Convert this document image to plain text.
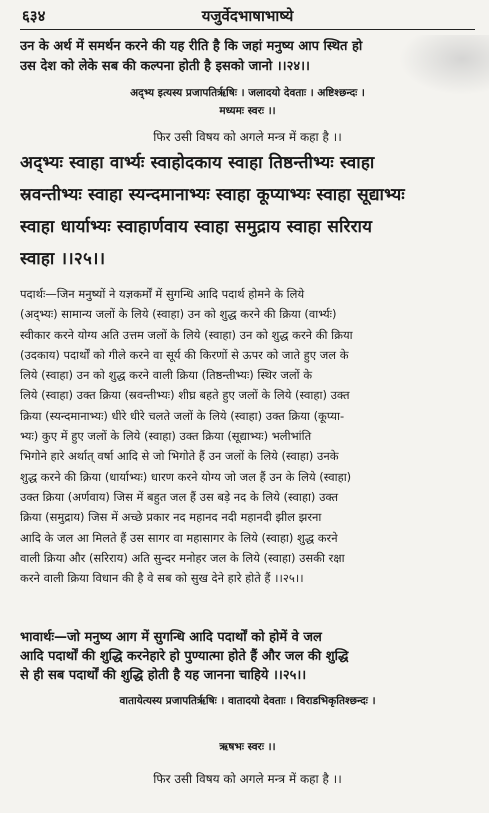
६३४	यजुर्वेदभाषाभाष्ये
उन के अर्थ में समर्थन करने की यह रीति है कि जहां मनुष्य आप स्थित हो
उस देश को लेके सब की कल्पना होती है इसको जानो ।।२४।।
अद्भ्य इत्यस्य प्रजापतिर्ऋषिः । जलादयो देवताः । अष्टिश्छन्दः ।
मध्यमः स्वरः ।।
फिर उसी विषय को अगले मन्त्र में कहा है ।।
अद्भ्यः स्वाहा वार्भ्यः स्वाहोदकाय स्वाहा तिष्ठन्तीभ्यः स्वाहा
स्रवन्तीभ्यः स्वाहा स्यन्दमानाभ्यः स्वाहा कूप्याभ्यः स्वाहा सूद्याभ्यः
स्वाहा धार्याभ्यः स्वाहार्णवाय स्वाहा समुद्राय स्वाहा सरिराय
स्वाहा ।।२५।।
पदार्थः—जिन मनुष्यों ने यज्ञकर्मों में सुगन्धि आदि पदार्थ होमने के लिये
(अद्भ्यः) सामान्य जलों के लिये (स्वाहा) उन को शुद्ध करने की क्रिया (वार्भ्यः)
स्वीकार करने योग्य अति उत्तम जलों के लिये (स्वाहा) उन को शुद्ध करने की क्रिया
(उदकाय) पदार्थों को गीले करने वा सूर्य की किरणों से ऊपर को जाते हुए जल के
लिये (स्वाहा) उन को शुद्ध करने वाली क्रिया (तिष्ठन्तीभ्यः) स्थिर जलों के
लिये (स्वाहा) उक्त क्रिया (स्रवन्तीभ्यः) शीघ्र बहते हुए जलों के लिये (स्वाहा) उक्त
क्रिया (स्यन्दमानाभ्यः) धीरे धीरे चलते जलों के लिये (स्वाहा) उक्त क्रिया (कूप्या-
भ्यः) कुए में हुए जलों के लिये (स्वाहा) उक्त क्रिया (सूद्याभ्यः) भलीभांति
भिगोने हारे अर्थात् वर्षा आदि से जो भिगोते हैं उन जलों के लिये (स्वाहा) उनके
शुद्ध करने की क्रिया (धार्याभ्यः) धारण करने योग्य जो जल हैं उन के लिये (स्वाहा)
उक्त क्रिया (अर्णवाय) जिस में बहुत जल हैं उस बड़े नद के लिये (स्वाहा) उक्त
क्रिया (समुद्राय) जिस में अच्छे प्रकार नद महानद नदी महानदी झील झरना
आदि के जल आ मिलते हैं उस सागर वा महासागर के लिये (स्वाहा) शुद्ध करने
वाली क्रिया और (सरिराय) अति सुन्दर मनोहर जल के लिये (स्वाहा) उसकी रक्षा
करने वाली क्रिया विधान की है वे सब को सुख देने हारे होते हैं ।।२५।।
भावार्थः—जो मनुष्य आग में सुगन्धि आदि पदार्थों को होमें वे जल
आदि पदार्थों की शुद्धि करनेहारे हो पुण्यात्मा होते हैं और जल की शुद्धि
से ही सब पदार्थों की शुद्धि होती है यह जानना चाहिये ।।२५।।
वातायेत्यस्य प्रजापतिर्ऋषिः । वातादयो देवताः । विराडभिकृतिश्छन्दः ।
ऋषभः स्वरः ।।
फिर उसी विषय को अगले मन्त्र में कहा है ।।
